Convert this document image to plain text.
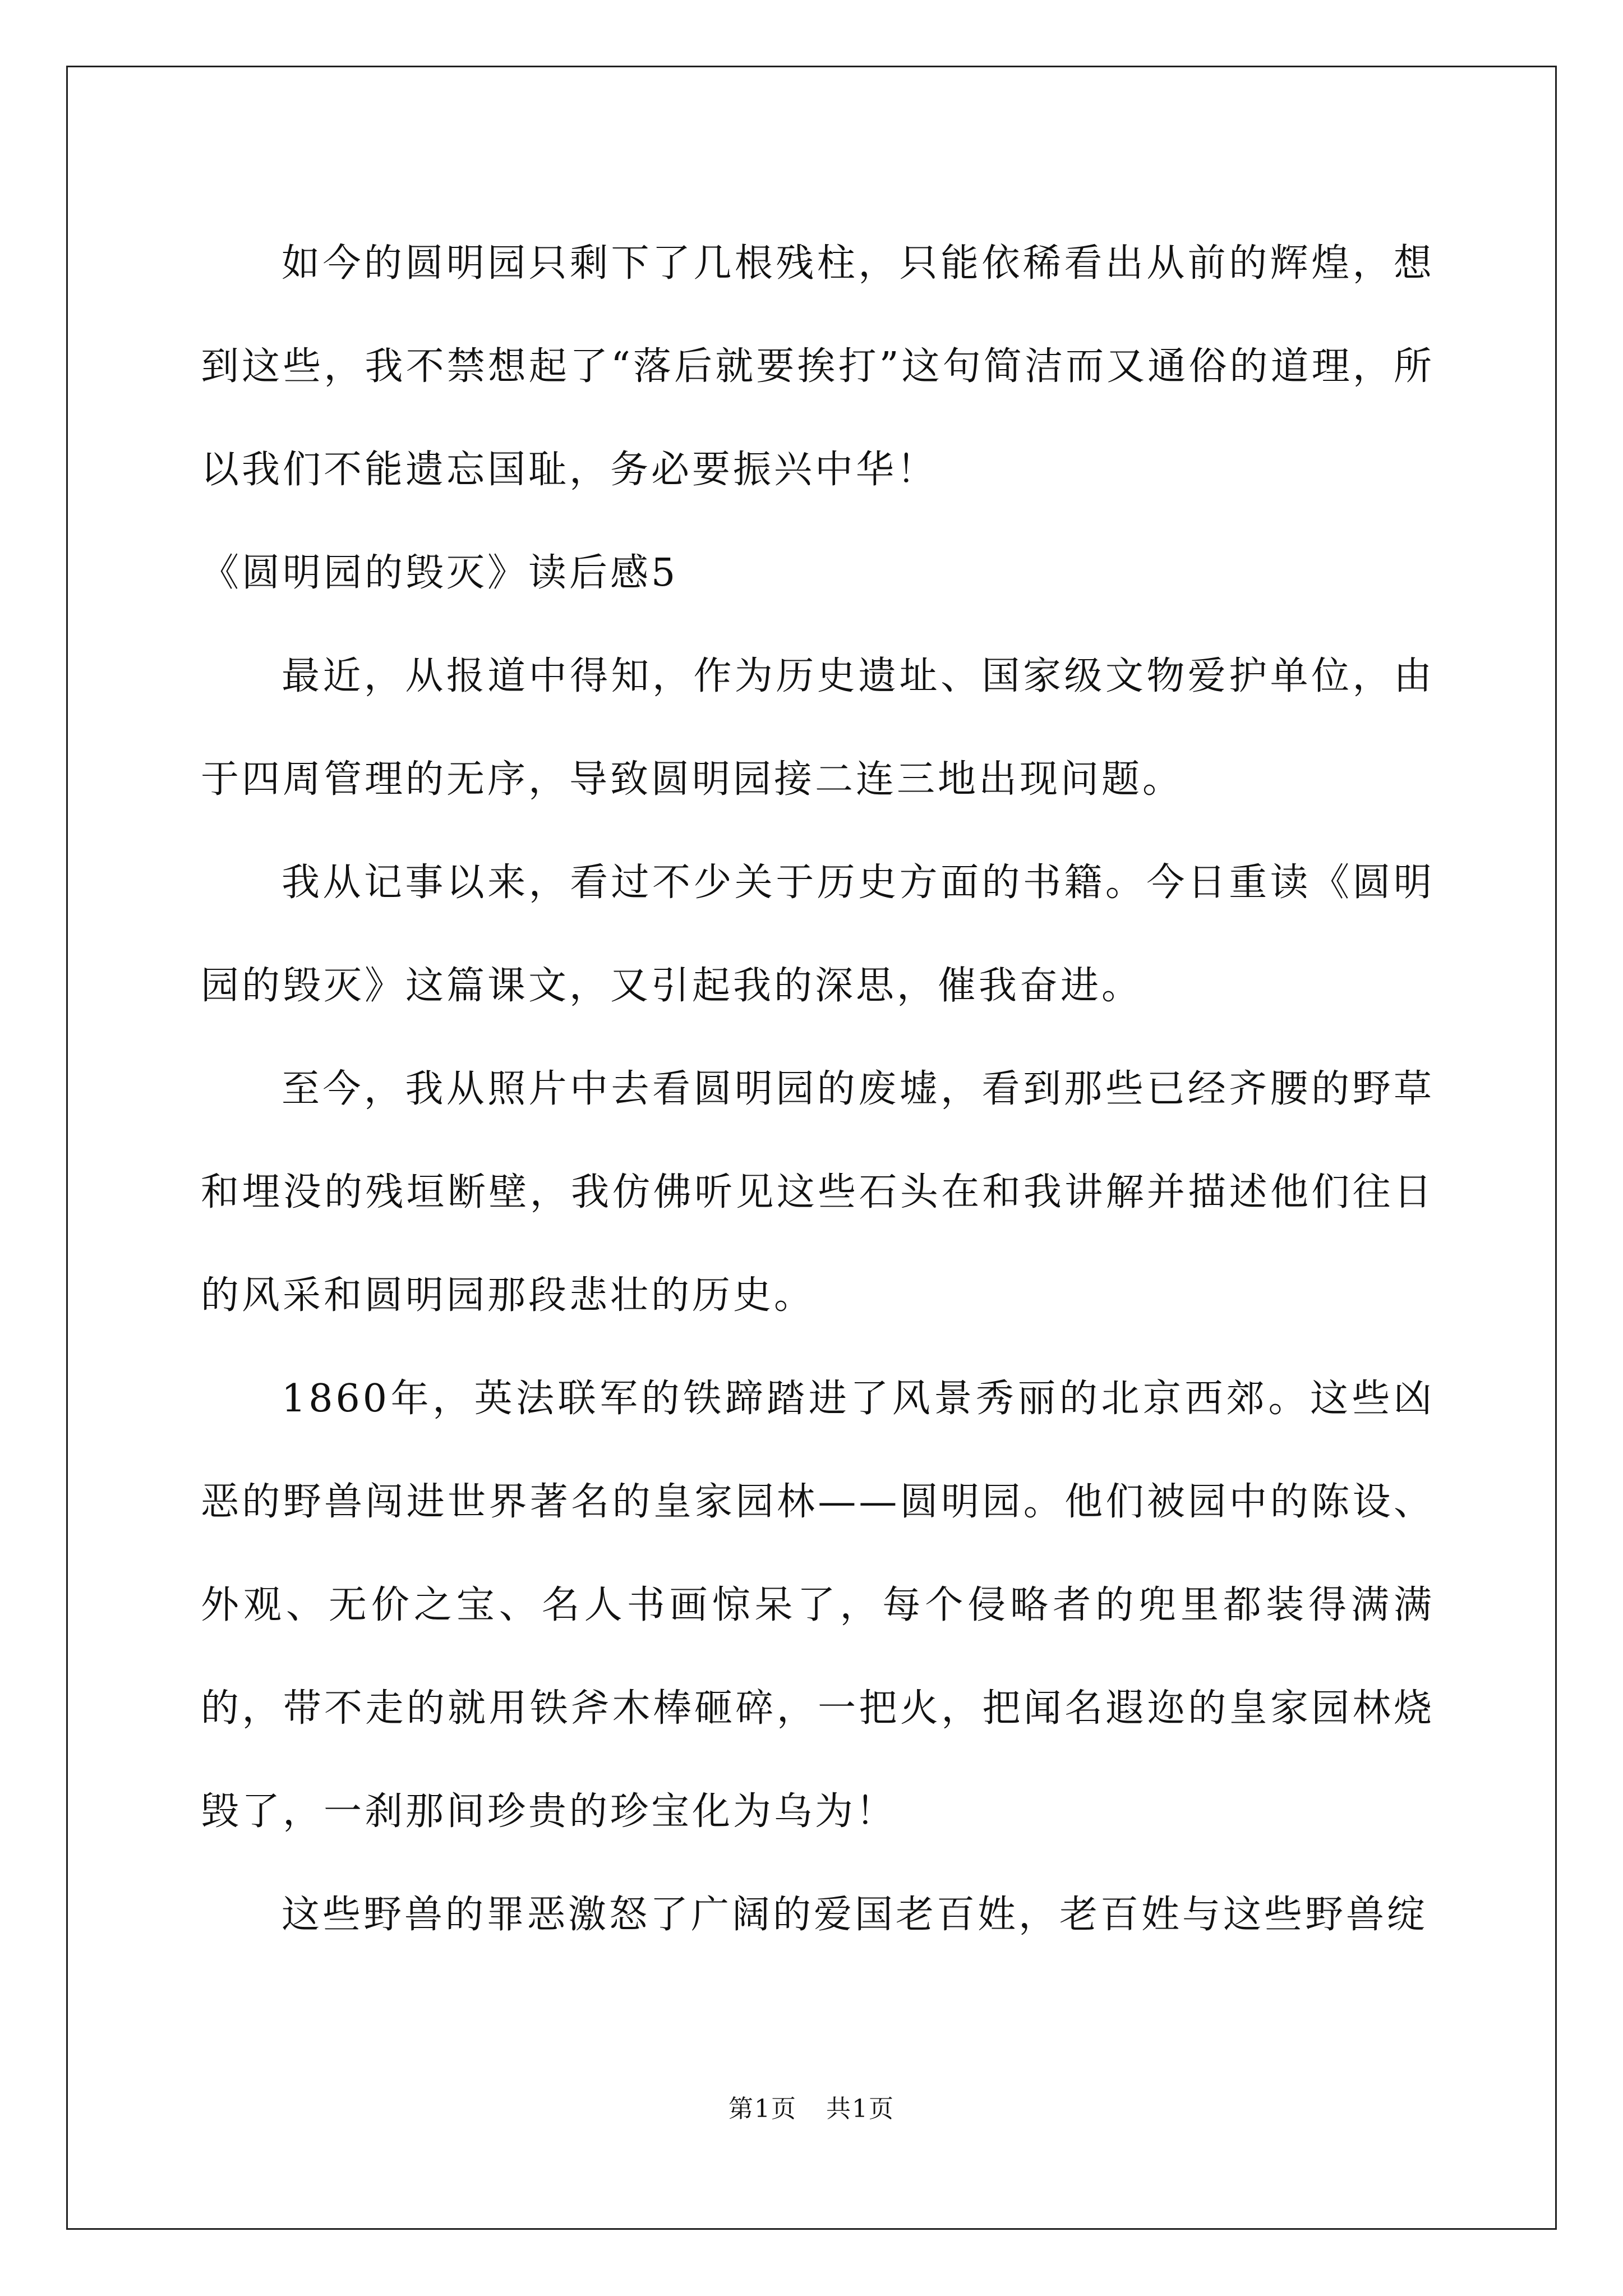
如今的圆明园只剩下了几根残柱，只能依稀看出从前的辉煌，想到这些，我不禁想起了“落后就要挨打”这句简洁而又通俗的道理，所以我们不能遗忘国耻，务必要振兴中华！

《圆明园的毁灭》读后感5

最近，从报道中得知，作为历史遗址、国家级文物爱护单位，由于四周管理的无序，导致圆明园接二连三地出现问题。

我从记事以来，看过不少关于历史方面的书籍。今日重读《圆明园的毁灭》这篇课文，又引起我的深思，催我奋进。

至今，我从照片中去看圆明园的废墟，看到那些已经齐腰的野草和埋没的残垣断壁，我仿佛听见这些石头在和我讲解并描述他们往日的风采和圆明园那段悲壮的历史。

1860年，英法联军的铁蹄踏进了风景秀丽的北京西郊。这些凶恶的野兽闯进世界著名的皇家园林——圆明园。他们被园中的陈设、外观、无价之宝、名人书画惊呆了，每个侵略者的兜里都装得满满的，带不走的就用铁斧木棒砸碎，一把火，把闻名遐迩的皇家园林烧毁了，一刹那间珍贵的珍宝化为乌为！

这些野兽的罪恶激怒了广阔的爱国老百姓，老百姓与这些野兽绽

第1页 共1页
